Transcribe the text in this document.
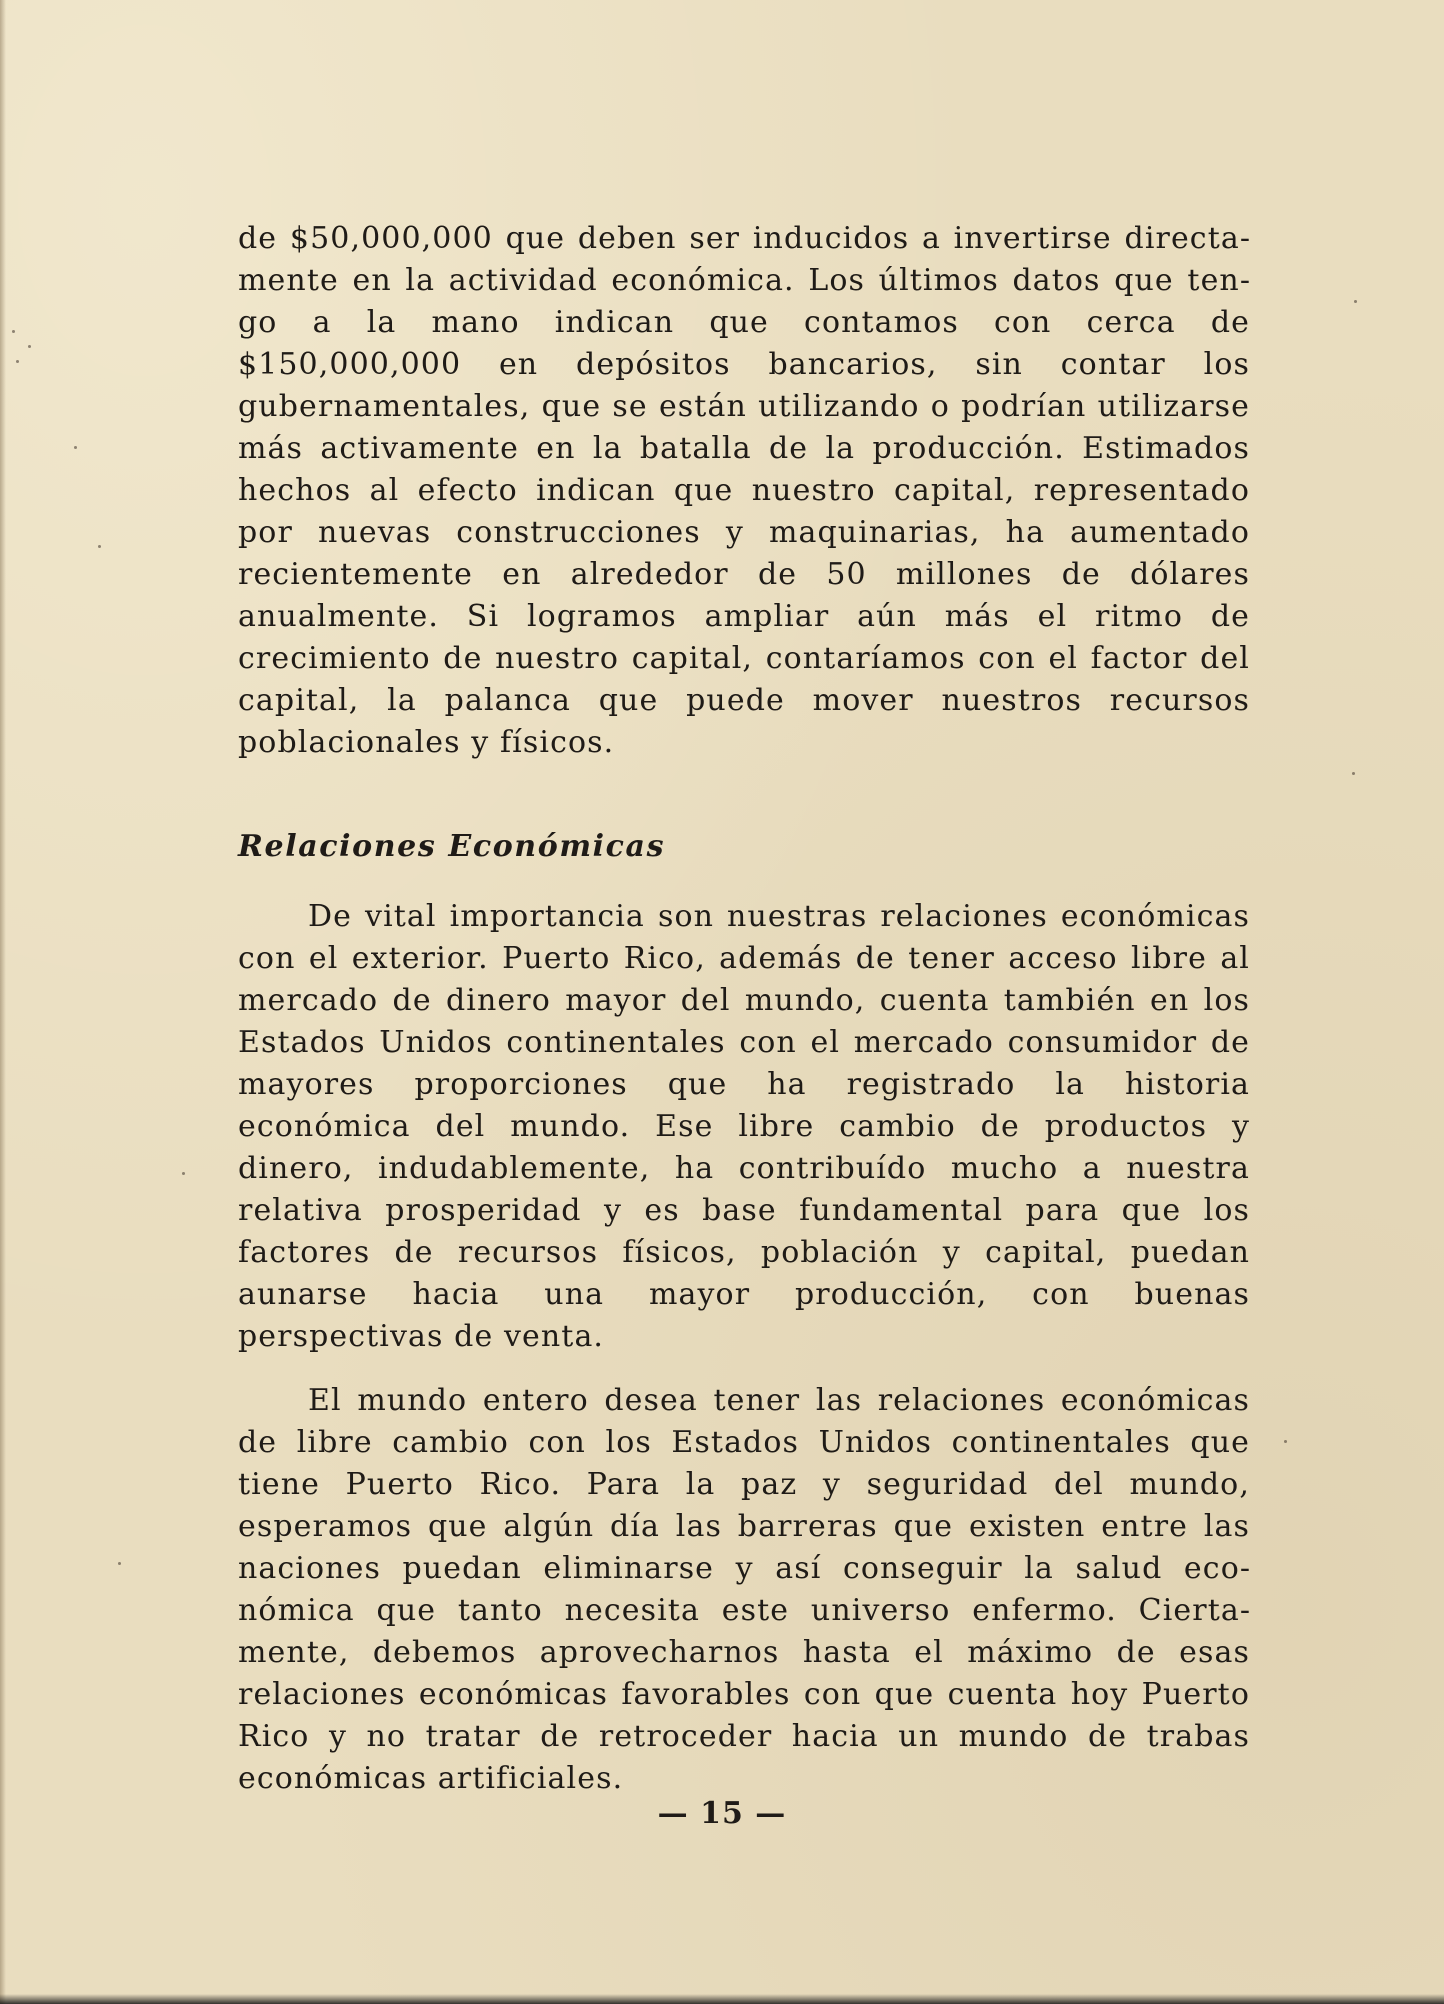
de $50,000,000 que deben ser inducidos a invertirse directamente en la actividad económica. Los últimos datos que tengo a la mano indican que contamos con cerca de $150,000,000 en depósitos bancarios, sin contar los gubernamentales, que se están utilizando o podrían utilizarse más activamente en la batalla de la producción. Estimados hechos al efecto indican que nuestro capital, representado por nuevas construcciones y maquinarias, ha aumentado recientemente en alrededor de 50 millones de dólares anualmente. Si logramos ampliar aún más el ritmo de crecimiento de nuestro capital, contaríamos con el factor del capital, la palanca que puede mover nuestros recursos poblacionales y físicos.

Relaciones Económicas

De vital importancia son nuestras relaciones económicas con el exterior. Puerto Rico, además de tener acceso libre al mercado de dinero mayor del mundo, cuenta también en los Estados Unidos continentales con el mercado consumidor de mayores proporciones que ha registrado la historia económica del mundo. Ese libre cambio de productos y dinero, indudablemente, ha contribuído mucho a nuestra relativa prosperidad y es base fundamental para que los factores de recursos físicos, población y capital, puedan aunarse hacia una mayor producción, con buenas perspectivas de venta.

El mundo entero desea tener las relaciones económicas de libre cambio con los Estados Unidos continentales que tiene Puerto Rico. Para la paz y seguridad del mundo, esperamos que algún día las barreras que existen entre las naciones puedan eliminarse y así conseguir la salud económica que tanto necesita este universo enfermo. Ciertamente, debemos aprovecharnos hasta el máximo de esas relaciones económicas favorables con que cuenta hoy Puerto Rico y no tratar de retroceder hacia un mundo de trabas económicas artificiales.

— 15 —
